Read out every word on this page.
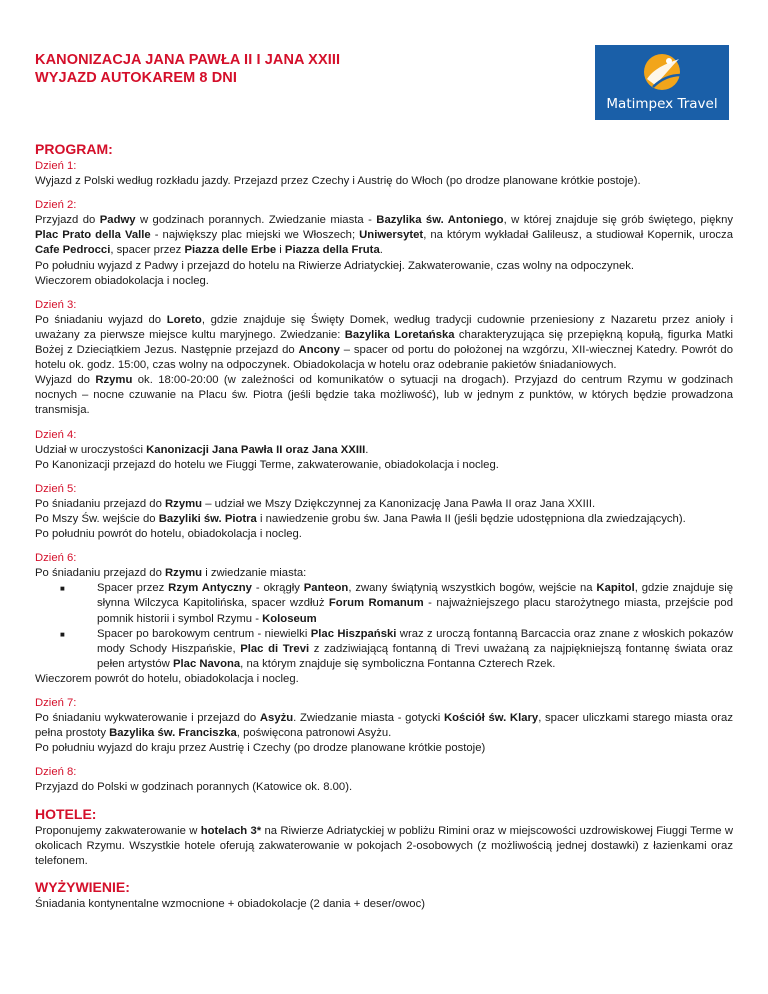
KANONIZACJA JANA PAWŁA II I JANA XXIII
WYJAZD AUTOKAREM 8 DNI
Matimpex Travel
PROGRAM:
Dzień 1:

Wyjazd z Polski według rozkładu jazdy. Przejazd przez Czechy i Austrię do Włoch (po drodze planowane krótkie postoje).

Dzień 2:

Przyjazd do Padwy w godzinach porannych. Zwiedzanie miasta - Bazylika św. Antoniego, w której znajduje się grób świętego, piękny Plac Prato della Valle - największy plac miejski we Włoszech; Uniwersytet, na którym wykładał Galileusz, a studiował Kopernik, urocza Cafe Pedrocci, spacer przez Piazza delle Erbe i Piazza della Fruta.

Po południu wyjazd z Padwy i przejazd do hotelu na Riwierze Adriatyckiej. Zakwaterowanie, czas wolny na odpoczynek.

Wieczorem obiadokolacja i nocleg.

Dzień 3:

Po śniadaniu wyjazd do Loreto, gdzie znajduje się Święty Domek, według tradycji cudownie przeniesiony z Nazaretu przez anioły i uważany za pierwsze miejsce kultu maryjnego. Zwiedzanie: Bazylika Loretańska charakteryzująca się przepiękną kopułą, figurka Matki Bożej z Dzieciątkiem Jezus. Następnie przejazd do Ancony – spacer od portu do położonej na wzgórzu, XII-wiecznej Katedry. Powrót do hotelu ok. godz. 15:00, czas wolny na odpoczynek. Obiadokolacja w hotelu oraz odebranie pakietów śniadaniowych.

Wyjazd do Rzymu ok. 18:00-20:00 (w zależności od komunikatów o sytuacji na drogach). Przyjazd do centrum Rzymu w godzinach nocnych – nocne czuwanie na Placu św. Piotra (jeśli będzie taka możliwość), lub w jednym z punktów, w których będzie prowadzona transmisja.

Dzień 4:

Udział w uroczystości Kanonizacji Jana Pawła II oraz Jana XXIII.

Po Kanonizacji przejazd do hotelu we Fiuggi Terme, zakwaterowanie, obiadokolacja i nocleg.

Dzień 5:

Po śniadaniu przejazd do Rzymu – udział we Mszy Dziękczynnej za Kanonizację Jana Pawła II oraz Jana XXIII.

Po Mszy Św. wejście do Bazyliki św. Piotra i nawiedzenie grobu św. Jana Pawła II (jeśli będzie udostępniona dla zwiedzających).

Po południu powrót do hotelu, obiadokolacja i nocleg.

Dzień 6:

Po śniadaniu przejazd do Rzymu i zwiedzanie miasta:

■ Spacer przez Rzym Antyczny - okrągły Panteon, zwany świątynią wszystkich bogów, wejście na Kapitol, gdzie znajduje się słynna Wilczyca Kapitolińska, spacer wzdłuż Forum Romanum - najważniejszego placu starożytnego miasta, przejście pod pomnik historii i symbol Rzymu - Koloseum
■ Spacer po barokowym centrum - niewielki Plac Hiszpański wraz z uroczą fontanną Barcaccia oraz znane z włoskich pokazów mody Schody Hiszpańskie, Plac di Trevi z zadziwiającą fontanną di Trevi uważaną za najpiękniejszą fontannę świata oraz pełen artystów Plac Navona, na którym znajduje się symboliczna Fontanna Czterech Rzek.

Wieczorem powrót do hotelu, obiadokolacja i nocleg.

Dzień 7:

Po śniadaniu wykwaterowanie i przejazd do Asyżu. Zwiedzanie miasta - gotycki Kościół św. Klary, spacer uliczkami starego miasta oraz pełna prostoty Bazylika św. Franciszka, poświęcona patronowi Asyżu.

Po południu wyjazd do kraju przez Austrię i Czechy (po drodze planowane krótkie postoje)

Dzień 8:

Przyjazd do Polski w godzinach porannych (Katowice ok. 8.00).

HOTELE:

Proponujemy zakwaterowanie w hotelach 3* na Riwierze Adriatyckiej w pobliżu Rimini oraz w miejscowości uzdrowiskowej Fiuggi Terme w okolicach Rzymu. Wszystkie hotele oferują zakwaterowanie w pokojach 2-osobowych (z możliwością jednej dostawki) z łazienkami oraz telefonem.

WYŻYWIENIE:

Śniadania kontynentalne wzmocnione + obiadokolacje (2 dania + deser/owoc)
